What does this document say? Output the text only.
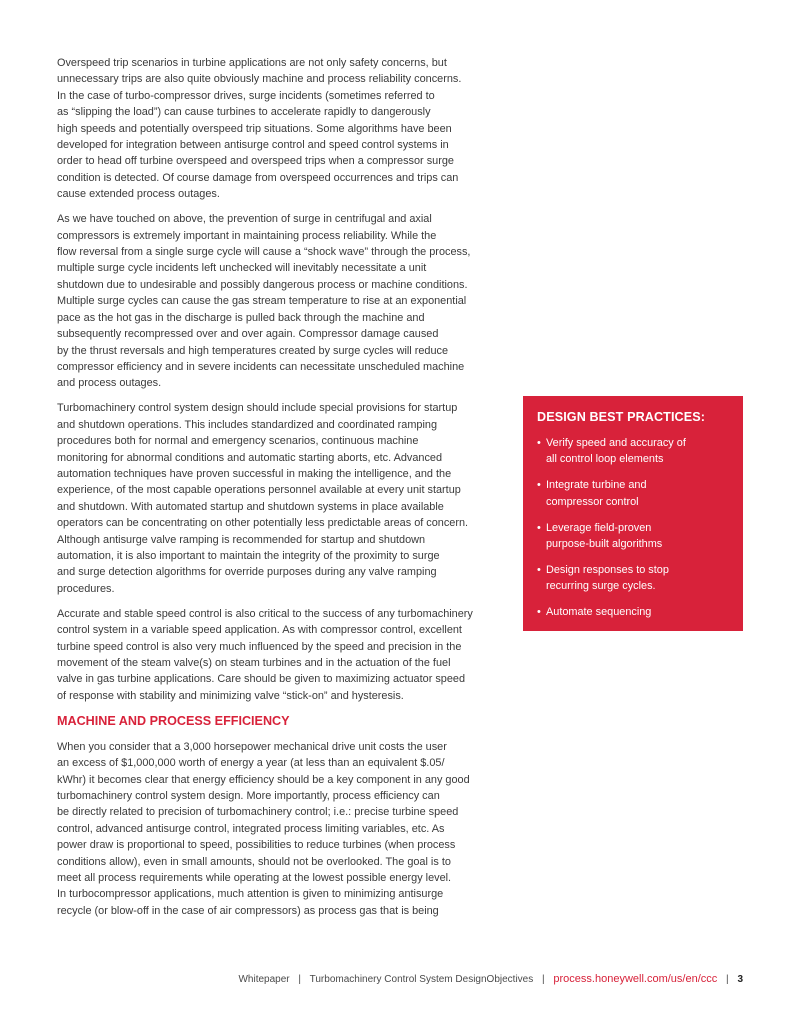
Overspeed trip scenarios in turbine applications are not only safety concerns, but
unnecessary trips are also quite obviously machine and process reliability concerns.
In the case of turbo-compressor drives, surge incidents (sometimes referred to
as “slipping the load”) can cause turbines to accelerate rapidly to dangerously
high speeds and potentially overspeed trip situations. Some algorithms have been
developed for integration between antisurge control and speed control systems in
order to head off turbine overspeed and overspeed trips when a compressor surge
condition is detected. Of course damage from overspeed occurrences and trips can
cause extended process outages.

As we have touched on above, the prevention of surge in centrifugal and axial
compressors is extremely important in maintaining process reliability. While the
flow reversal from a single surge cycle will cause a “shock wave” through the process,
multiple surge cycle incidents left unchecked will inevitably necessitate a unit
shutdown due to undesirable and possibly dangerous process or machine conditions.
Multiple surge cycles can cause the gas stream temperature to rise at an exponential
pace as the hot gas in the discharge is pulled back through the machine and
subsequently recompressed over and over again. Compressor damage caused
by the thrust reversals and high temperatures created by surge cycles will reduce
compressor efficiency and in severe incidents can necessitate unscheduled machine
and process outages.

Turbomachinery control system design should include special provisions for startup
and shutdown operations. This includes standardized and coordinated ramping
procedures both for normal and emergency scenarios, continuous machine
monitoring for abnormal conditions and automatic starting aborts, etc. Advanced
automation techniques have proven successful in making the intelligence, and the
experience, of the most capable operations personnel available at every unit startup
and shutdown. With automated startup and shutdown systems in place available
operators can be concentrating on other potentially less predictable areas of concern.
Although antisurge valve ramping is recommended for startup and shutdown
automation, it is also important to maintain the integrity of the proximity to surge
and surge detection algorithms for override purposes during any valve ramping
procedures.

Accurate and stable speed control is also critical to the success of any turbomachinery
control system in a variable speed application. As with compressor control, excellent
turbine speed control is also very much influenced by the speed and precision in the
movement of the steam valve(s) on steam turbines and in the actuation of the fuel
valve in gas turbine applications. Care should be given to maximizing actuator speed
of response with stability and minimizing valve “stick-on” and hysteresis.

MACHINE AND PROCESS EFFICIENCY

When you consider that a 3,000 horsepower mechanical drive unit costs the user
an excess of $1,000,000 worth of energy a year (at less than an equivalent $.05/
kWhr) it becomes clear that energy efficiency should be a key component in any good
turbomachinery control system design. More importantly, process efficiency can
be directly related to precision of turbomachinery control; i.e.: precise turbine speed
control, advanced antisurge control, integrated process limiting variables, etc. As
power draw is proportional to speed, possibilities to reduce turbines (when process
conditions allow), even in small amounts, should not be overlooked. The goal is to
meet all process requirements while operating at the lowest possible energy level.
In turbocompressor applications, much attention is given to minimizing antisurge
recycle (or blow-off in the case of air compressors) as process gas that is being

DESIGN BEST PRACTICES:
• Verify speed and accuracy of
all control loop elements
• Integrate turbine and
compressor control
• Leverage field-proven
purpose-built algorithms
• Design responses to stop
recurring surge cycles.
• Automate sequencing
Whitepaper | Turbomachinery Control System DesignObjectives | process.honeywell.com/us/en/ccc | 3
